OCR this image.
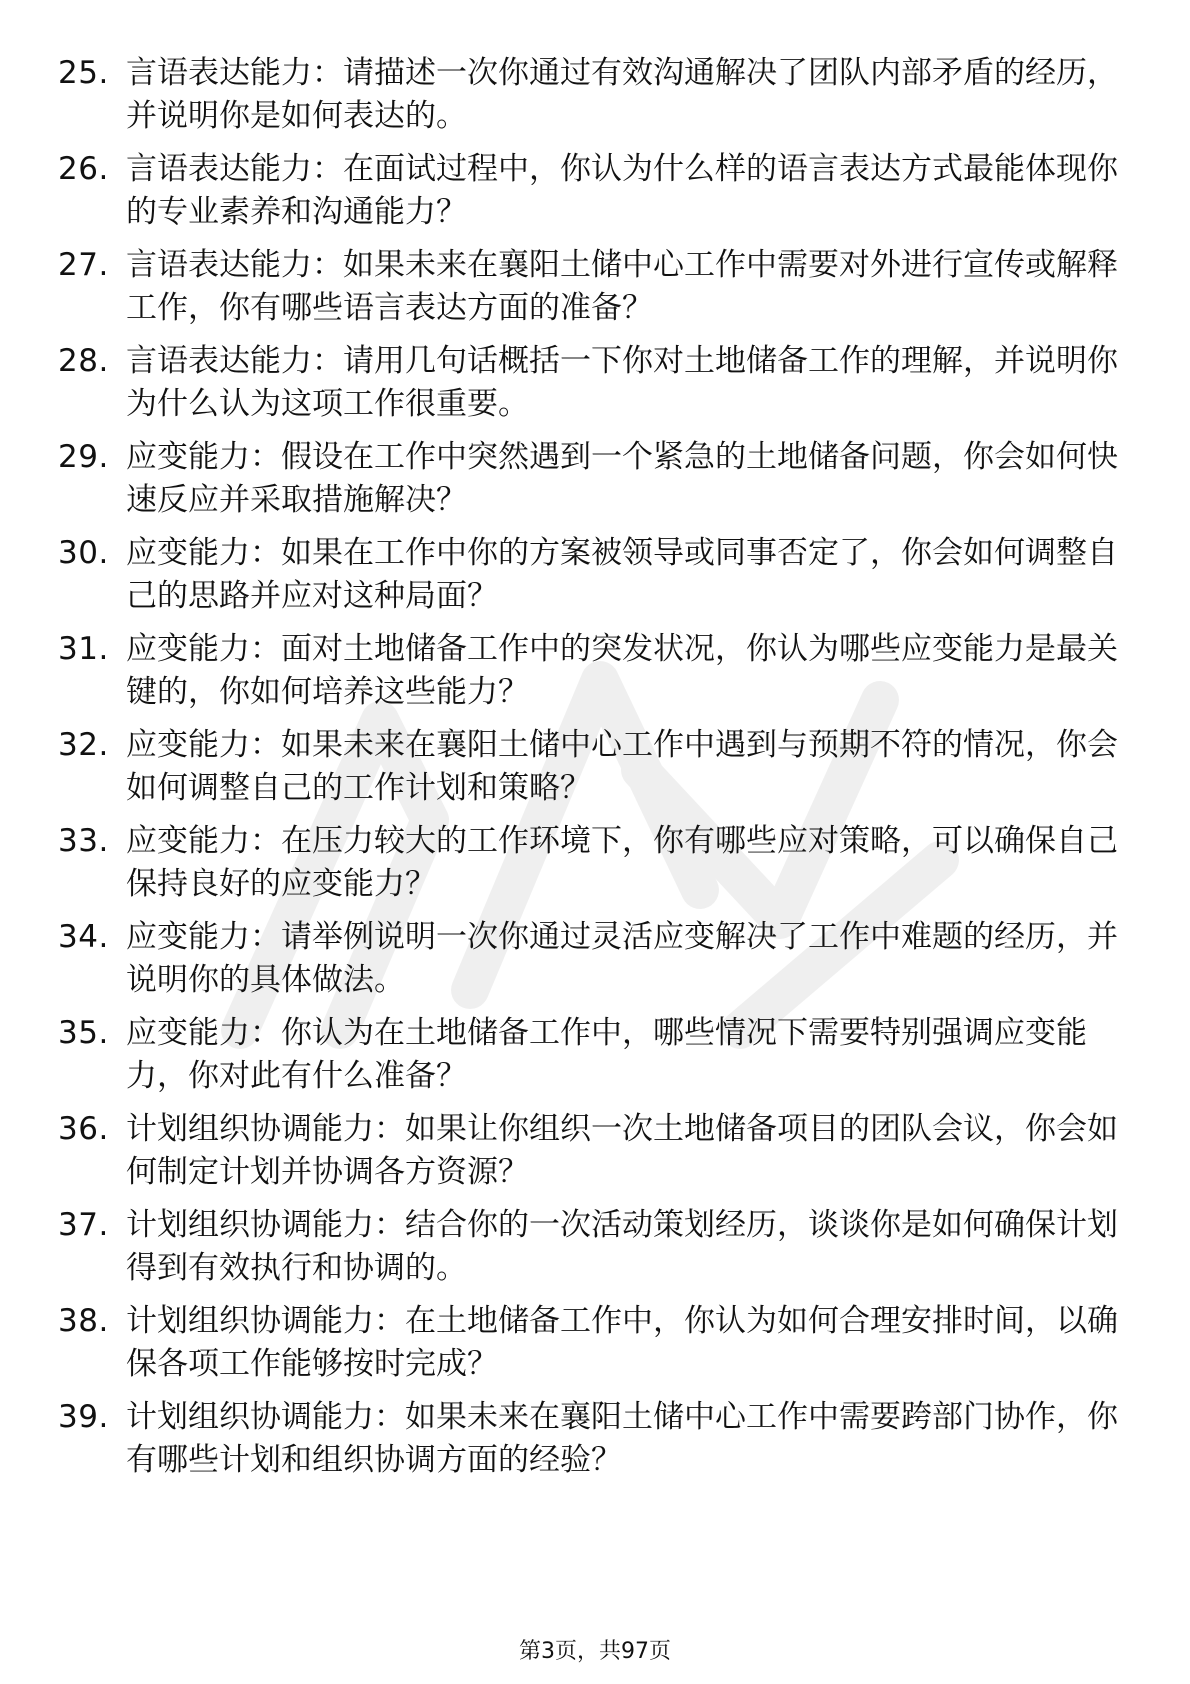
25. 言语表达能力：请描述一次你通过有效沟通解决了团队内部矛盾的经历，并说明你是如何表达的。
26. 言语表达能力：在面试过程中，你认为什么样的语言表达方式最能体现你的专业素养和沟通能力？
27. 言语表达能力：如果未来在襄阳土储中心工作中需要对外进行宣传或解释工作，你有哪些语言表达方面的准备？
28. 言语表达能力：请用几句话概括一下你对土地储备工作的理解，并说明你为什么认为这项工作很重要。
29. 应变能力：假设在工作中突然遇到一个紧急的土地储备问题，你会如何快速反应并采取措施解决？
30. 应变能力：如果在工作中你的方案被领导或同事否定了，你会如何调整自己的思路并应对这种局面？
31. 应变能力：面对土地储备工作中的突发状况，你认为哪些应变能力是最关键的，你如何培养这些能力？
32. 应变能力：如果未来在襄阳土储中心工作中遇到与预期不符的情况，你会如何调整自己的工作计划和策略？
33. 应变能力：在压力较大的工作环境下，你有哪些应对策略，可以确保自己保持良好的应变能力？
34. 应变能力：请举例说明一次你通过灵活应变解决了工作中难题的经历，并说明你的具体做法。
35. 应变能力：你认为在土地储备工作中，哪些情况下需要特别强调应变能力，你对此有什么准备？
36. 计划组织协调能力：如果让你组织一次土地储备项目的团队会议，你会如何制定计划并协调各方资源？
37. 计划组织协调能力：结合你的一次活动策划经历，谈谈你是如何确保计划得到有效执行和协调的。
38. 计划组织协调能力：在土地储备工作中，你认为如何合理安排时间，以确保各项工作能够按时完成？
39. 计划组织协调能力：如果未来在襄阳土储中心工作中需要跨部门协作，你有哪些计划和组织协调方面的经验？
第3页，共97页
